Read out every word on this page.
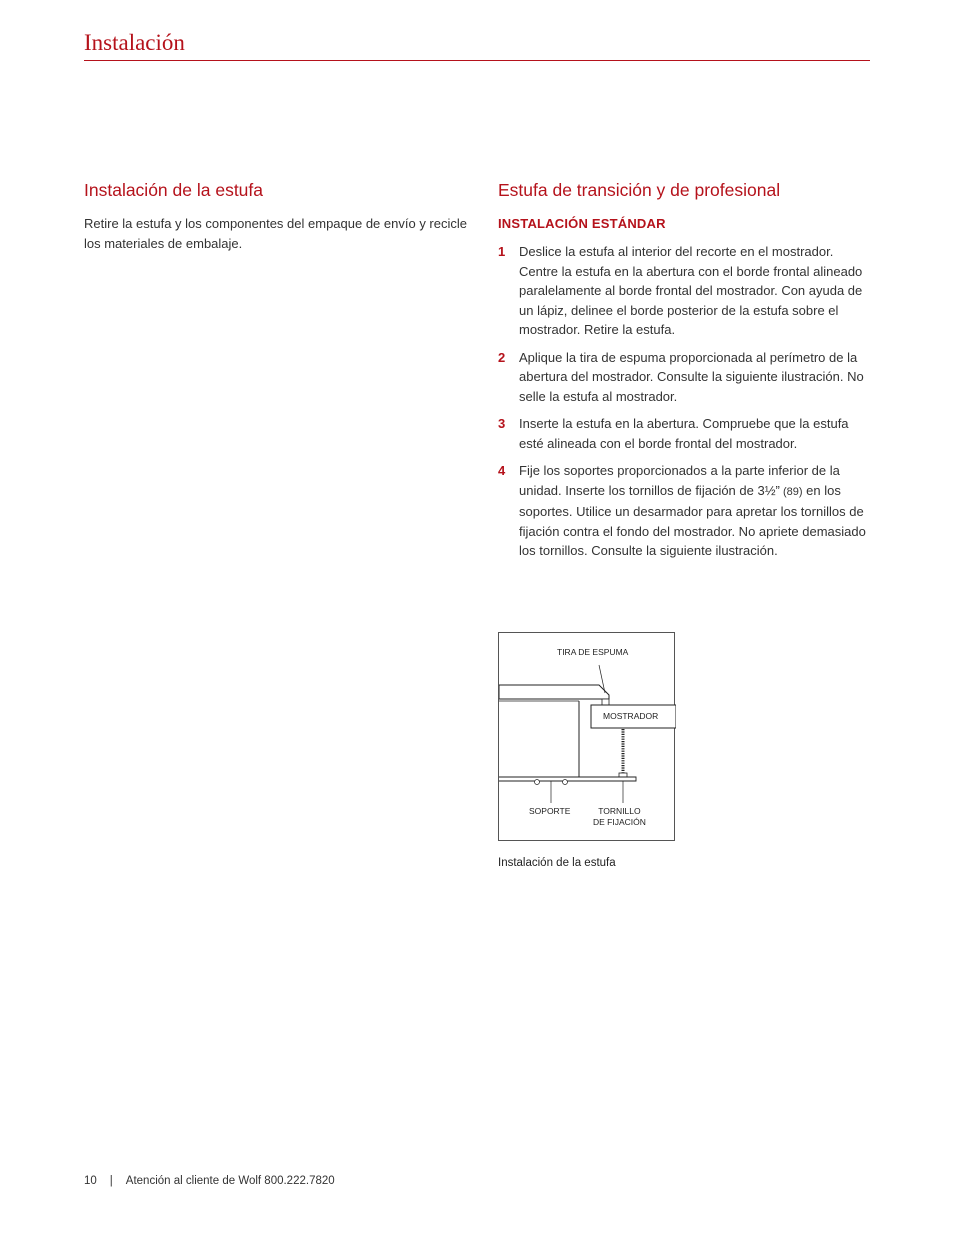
Instalación
Instalación de la estufa

Retire la estufa y los componentes del empaque de envío y recicle los materiales de embalaje.

Estufa de transición y de profesional
INSTALACIÓN ESTÁNDAR
1	Deslice la estufa al interior del recorte en el mostrador. Centre la estufa en la abertura con el borde frontal alineado paralelamente al borde frontal del mostrador. Con ayuda de un lápiz, delinee el borde posterior de la estufa sobre el mostrador. Retire la estufa.
2	Aplique la tira de espuma proporcionada al perímetro de la abertura del mostrador. Consulte la siguiente ilustración. No selle la estufa al mostrador.
3	Inserte la estufa en la abertura. Compruebe que la estufa esté alineada con el borde frontal del mostrador.
4	Fije los soportes proporcionados a la parte inferior de la unidad. Inserte los tornillos de fijación de 3½” (89) en los soportes. Utilice un desarmador para apretar los tornillos de fijación contra el fondo del mostrador. No apriete demasiado los tornillos. Consulte la siguiente ilustración.
TIRA DE ESPUMA
MOSTRADOR
SOPORTE	TORNILLO
DE FIJACIÓN
Instalación de la estufa
10 | Atención al cliente de Wolf 800.222.7820
